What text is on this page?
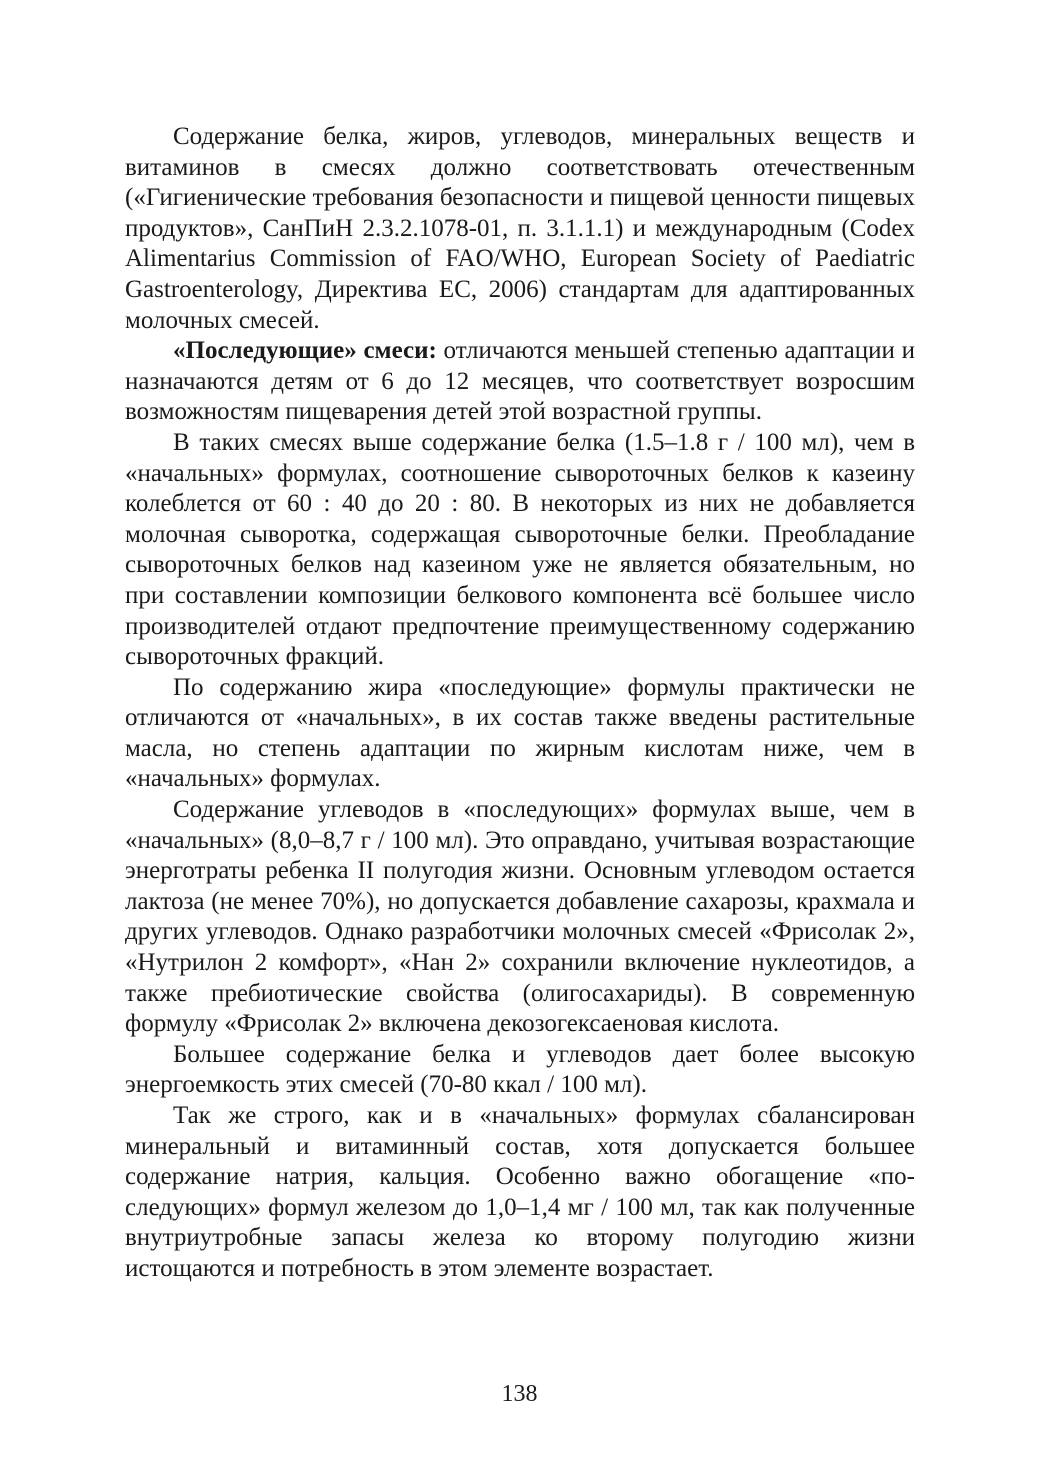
Содержание белка, жиров, углеводов, минеральных веществ и витаминов в смесях должно соответствовать отечественным («Гигиенические требования безопасности и пищевой ценности пищевых продуктов», СанПиН 2.3.2.1078-01, п. 3.1.1.1) и международным (Codex Alimentarius Commission of FAO/WHO, European Society of Paediatric Gastroenterology, Директива ЕС, 2006) стандартам для адаптированных молочных смесей.

«Последующие» смеси: отличаются меньшей степенью адаптации и назначаются детям от 6 до 12 месяцев, что соответствует возросшим возможностям пищеварения детей этой возрастной группы.

В таких смесях выше содержание белка (1.5–1.8 г / 100 мл), чем в «начальных» формулах, соотношение сывороточных белков к казеину колеблется от 60 : 40 до 20 : 80. В некоторых из них не добавляется молочная сыворотка, содержащая сывороточные белки. Преобладание сывороточных белков над казеином уже не является обязательным, но при составлении композиции белкового компонента всё большее число производителей отдают предпочтение преимущественному содержанию сывороточных фракций.

По содержанию жира «последующие» формулы практически не отличаются от «начальных», в их состав также введены растительные масла, но степень адаптации по жирным кислотам ниже, чем в «начальных» формулах.

Содержание углеводов в «последующих» формулах выше, чем в «начальных» (8,0–8,7 г / 100 мл). Это оправдано, учитывая возрастающие энерготраты ребенка II полугодия жизни. Основным углеводом остается лактоза (не менее 70%), но допускается добавление сахарозы, крахмала и других углеводов. Однако разработчики молочных смесей «Фрисолак 2», «Нутрилон 2 комфорт», «Нан 2» сохранили включение нуклеотидов, а также пребиотические свойства (олигосахариды). В современную формулу «Фрисолак 2» включена декозогексаеновая кислота.

Большее содержание белка и углеводов дает более высокую энергоемкость этих смесей (70-80 ккал / 100 мл).

Так же строго, как и в «начальных» формулах сбалансирован минеральный и витаминный состав, хотя допускается большее содержание натрия, кальция. Особенно важно обогащение «последующих» формул железом до 1,0–1,4 мг / 100 мл, так как полученные внутриутробные запасы железа ко второму полугодию жизни истощаются и потребность в этом элементе возрастает.

138
